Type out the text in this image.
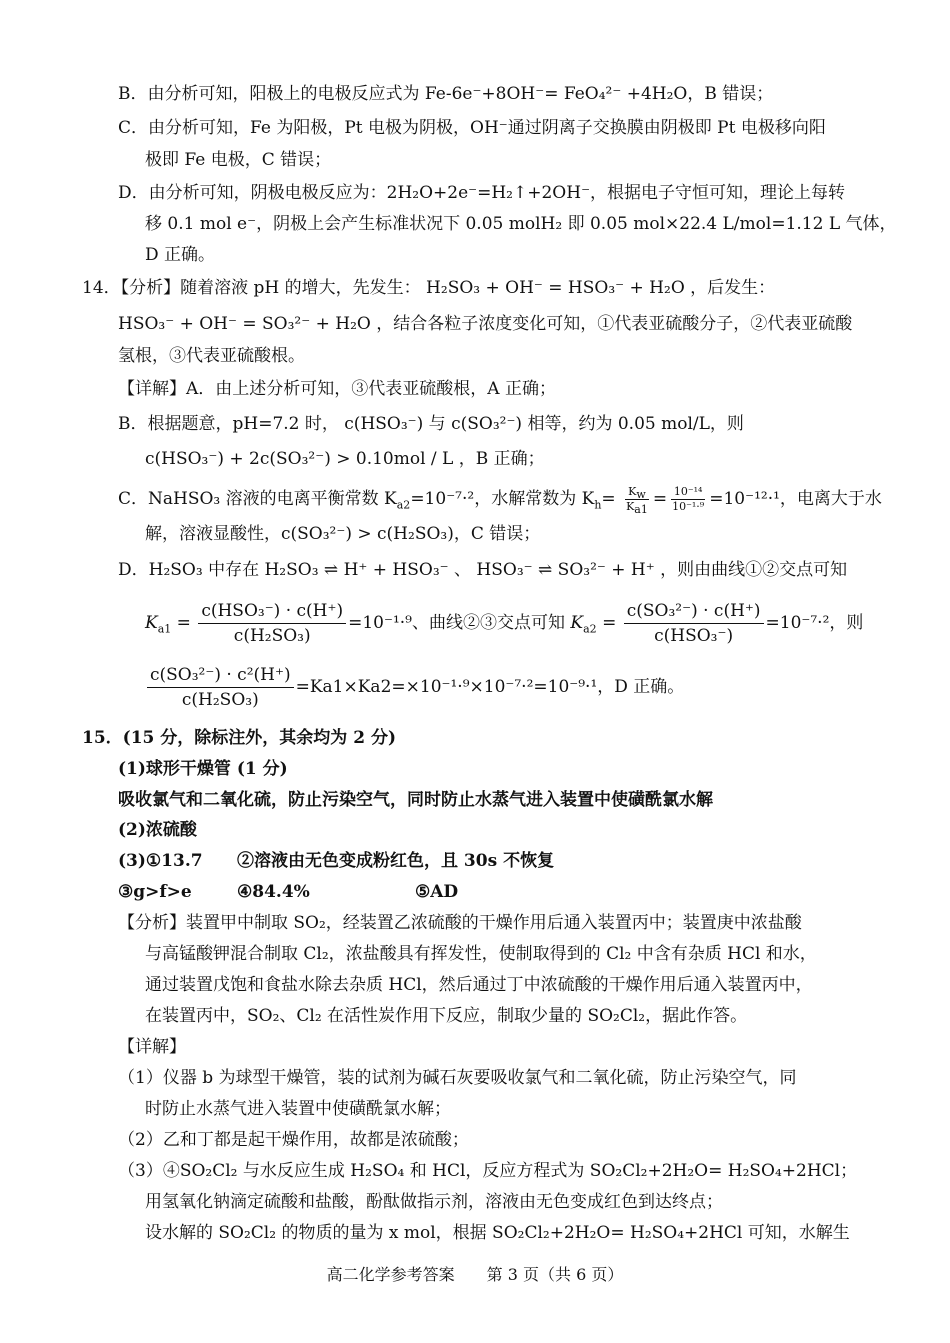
B．由分析可知，阳极上的电极反应式为 Fe-6e⁻+8OH⁻= FeO₄²⁻ +4H₂O，B 错误；
C．由分析可知，Fe 为阳极，Pt 电极为阴极，OH⁻通过阴离子交换膜由阴极即 Pt 电极移向阳
极即 Fe 电极，C 错误；
D．由分析可知，阴极电极反应为：2H₂O+2e⁻=H₂↑+2OH⁻，根据电子守恒可知，理论上每转
移 0.1 mol e⁻，阴极上会产生标准状况下 0.05 molH₂ 即 0.05 mol×22.4 L/mol=1.12 L 气体，
D 正确。
14．【分析】随着溶液 pH 的增大，先发生： H₂SO₃ + OH⁻ = HSO₃⁻ + H₂O ，后发生：
HSO₃⁻ + OH⁻ = SO₃²⁻ + H₂O ，结合各粒子浓度变化可知，①代表亚硫酸分子，②代表亚硫酸
氢根，③代表亚硫酸根。
【详解】A．由上述分析可知，③代表亚硫酸根，A 正确；
B．根据题意，pH=7.2 时， c(HSO₃⁻) 与 c(SO₃²⁻) 相等，约为 0.05 mol/L，则
c(HSO₃⁻) + 2c(SO₃²⁻) > 0.10mol / L ，B 正确；
C．NaHSO₃ 溶液的电离平衡常数 $K_{a2}=10^{-7}\cdot^2$，水解常数为 $K_h= \frac{K_w}{K_{a1}} = \frac{\text{10⁻¹⁴}}{\text{10⁻¹·⁹}} =10^{-12}\cdot^1$，电离大于水
解，溶液显酸性，c(SO₃²⁻) > c(H₂SO₃)，C 错误；
D．H₂SO₃ 中存在 H₂SO₃ ⇌ H⁺ + HSO₃⁻ 、 HSO₃⁻ ⇌ SO₃²⁻ + H⁺ ，则由曲线①②交点可知
$K_{a1} = \frac{\text{c(HSO₃⁻) · c(H⁺)}}{\text{c(H₂SO₃)}} =10^{-1}\cdot^9$、曲线②③交点可知 $K_{a2} = \frac{\text{c(SO₃²⁻) · c(H⁺)}}{\text{c(HSO₃⁻)}} =10^{-7}\cdot^2$，则
$\frac{\text{c(SO₃²⁻) · c²(H⁺)}}{\text{c(H₂SO₃)}} =Ka1\times Ka2=\times 10^{-1}\cdot^9\times 10^{-7}\cdot^2=10^{-9}\cdot^1$，D 正确。
15．(15 分，除标注外，其余均为 2 分)
(1)球形干燥管 (1 分)
吸收氯气和二氧化硫，防止污染空气，同时防止水蒸气进入装置中使磺酰氯水解
(2)浓硫酸
(3)①13.7 ②溶液由无色变成粉红色，且 30s 不恢复
③g>f>e	④84.4%	⑤AD
【分析】装置甲中制取 SO₂，经装置乙浓硫酸的干燥作用后通入装置丙中；装置庚中浓盐酸
与高锰酸钾混合制取 Cl₂，浓盐酸具有挥发性，使制取得到的 Cl₂ 中含有杂质 HCl 和水，
通过装置戊饱和食盐水除去杂质 HCl，然后通过丁中浓硫酸的干燥作用后通入装置丙中，
在装置丙中，SO₂、Cl₂ 在活性炭作用下反应，制取少量的 SO₂Cl₂，据此作答。
【详解】
（1）仪器 b 为球型干燥管，装的试剂为碱石灰要吸收氯气和二氧化硫，防止污染空气，同
时防止水蒸气进入装置中使磺酰氯水解；
（2）乙和丁都是起干燥作用，故都是浓硫酸；
（3）④SO₂Cl₂ 与水反应生成 H₂SO₄ 和 HCl，反应方程式为 SO₂Cl₂+2H₂O= H₂SO₄+2HCl；
用氢氧化钠滴定硫酸和盐酸，酚酞做指示剂，溶液由无色变成红色到达终点；
设水解的 SO₂Cl₂ 的物质的量为 x mol，根据 SO₂Cl₂+2H₂O= H₂SO₄+2HCl 可知，水解生
高二化学参考答案　　第 3 页（共 6 页）
